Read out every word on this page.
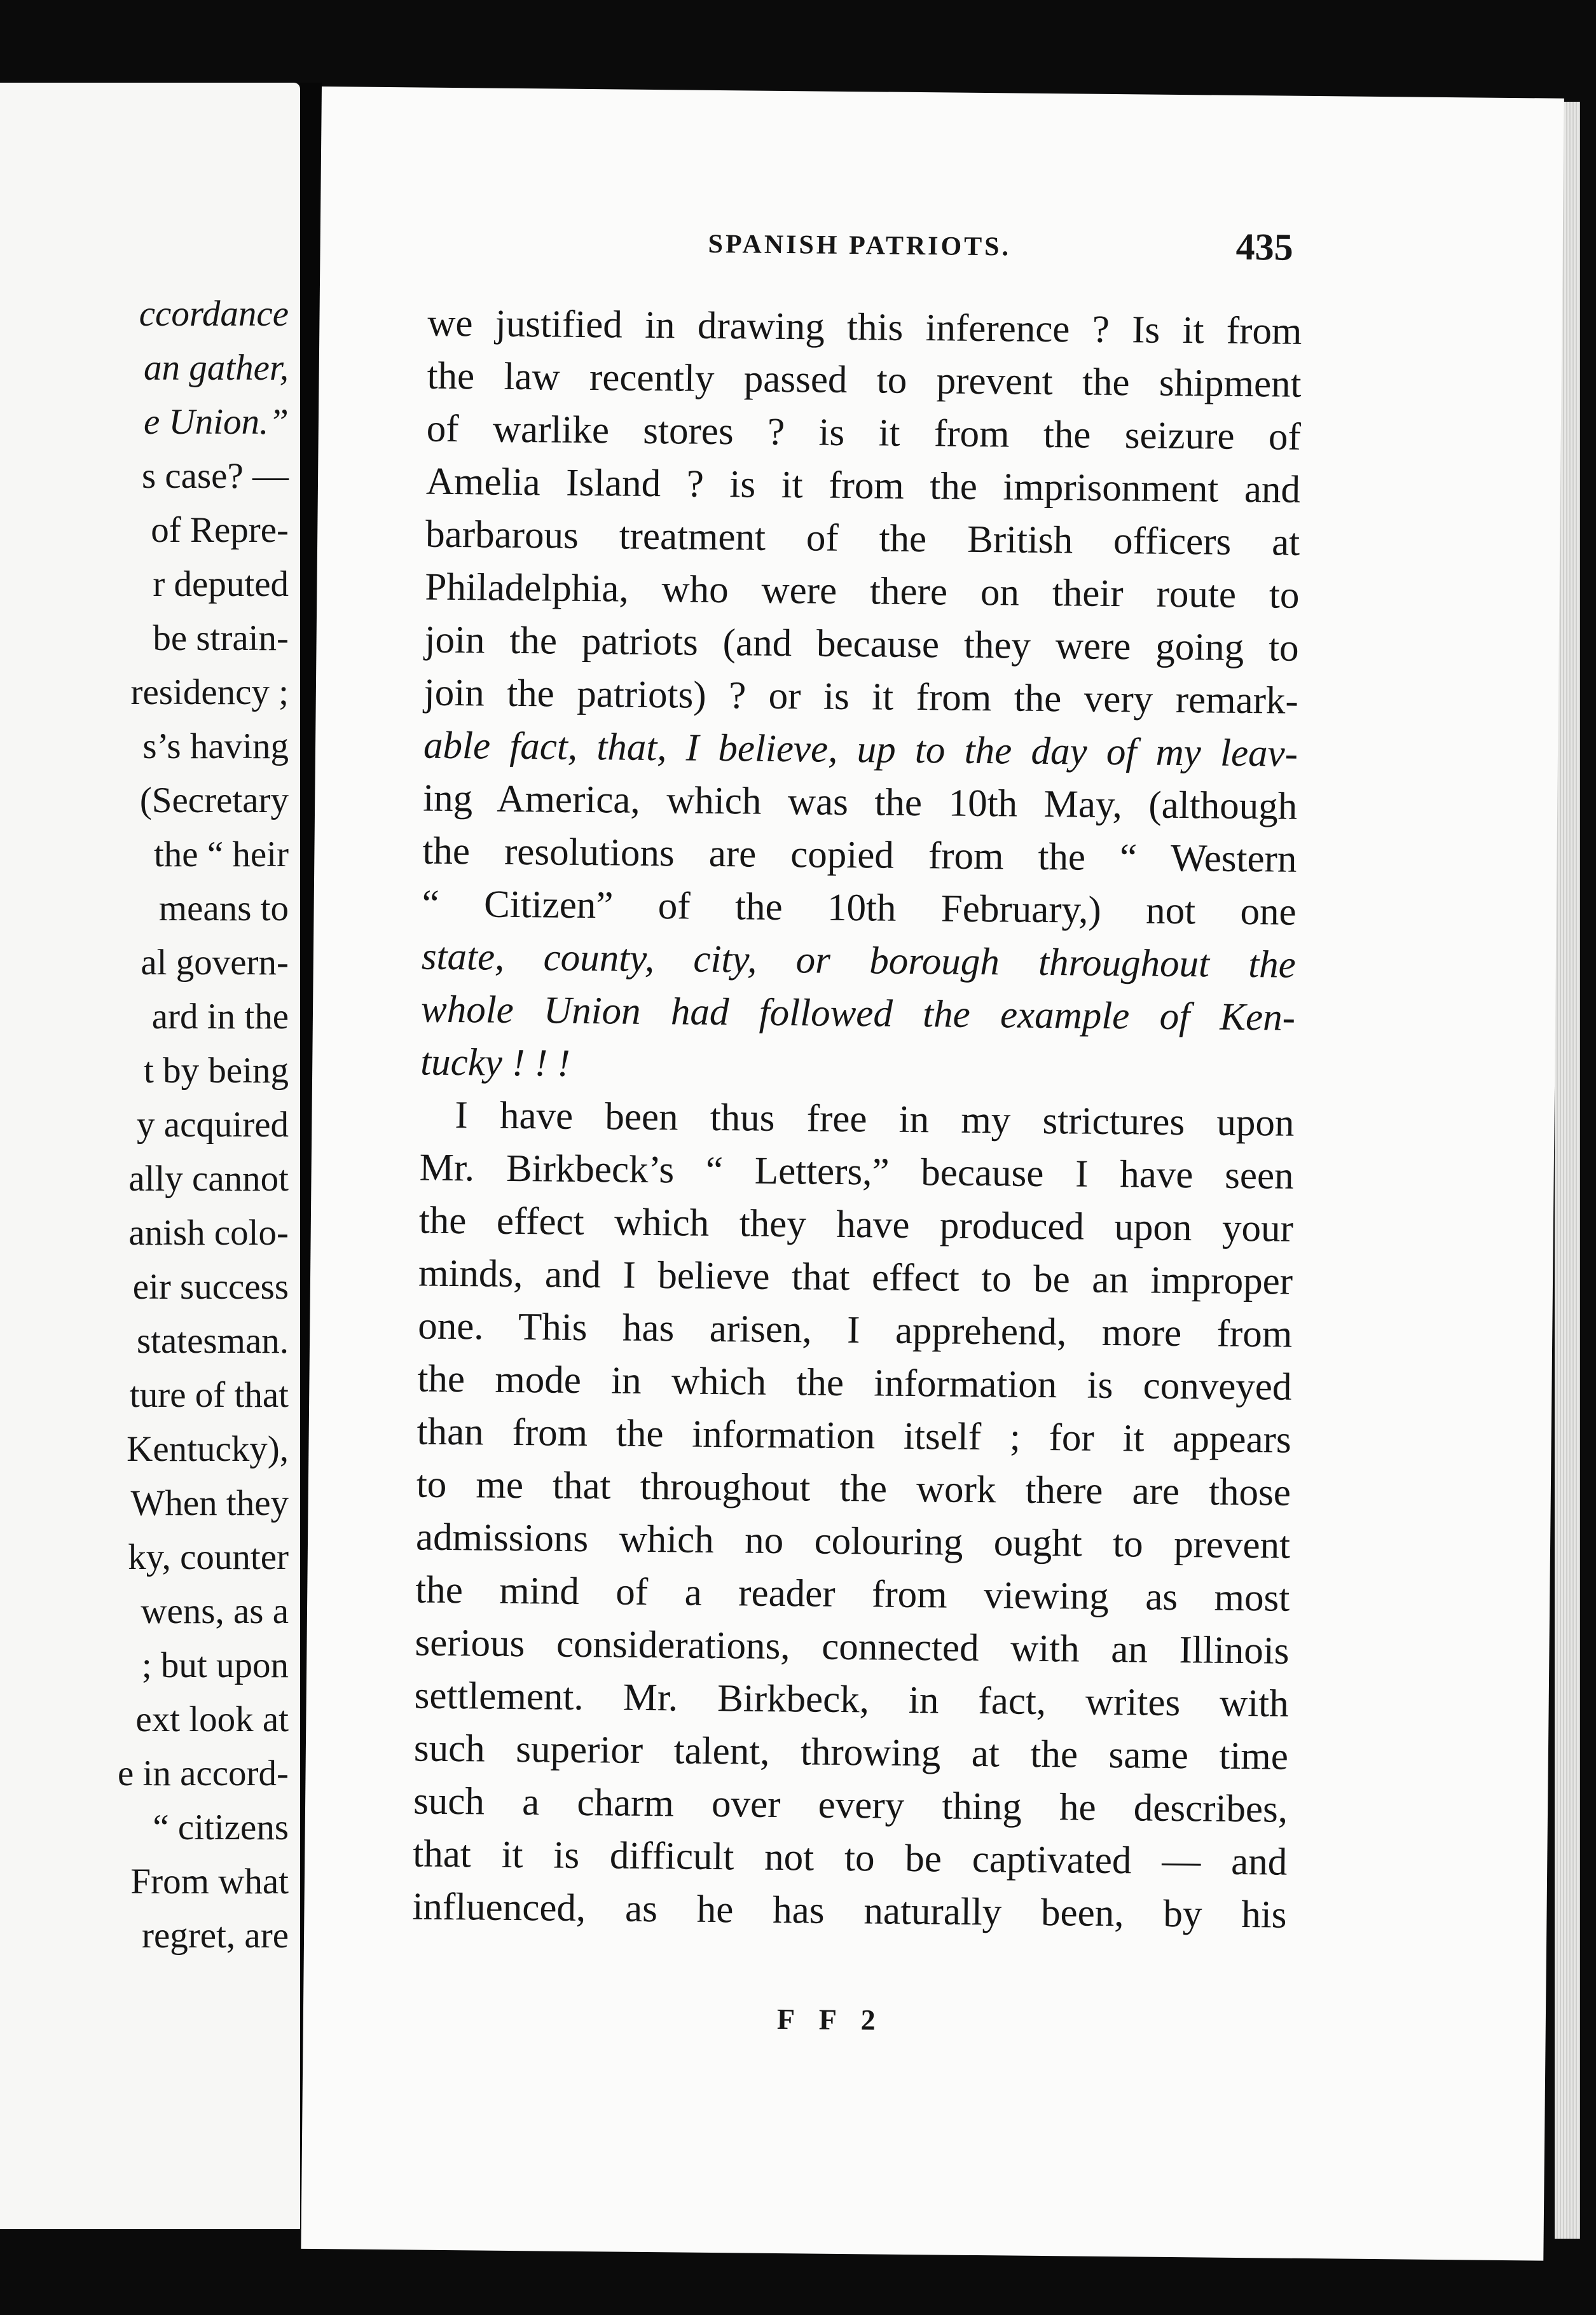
ccordance
an gather,
e Union.”
s case? —
of Repre-
r deputed
be strain-
residency ;
s’s having
(Secretary
the “ heir
means to
al govern-
ard in the
t by being
y acquired
ally cannot
anish colo-
eir success
statesman.
ture of that
Kentucky),
When they
ky, counter
wens, as a
; but upon
ext look at
e in accord-
“ citizens
From what
regret, are
SPANISH PATRIOTS.	435
we justified in drawing this inference ? Is it from
the law recently passed to prevent the shipment
of warlike stores ? is it from the seizure of
Amelia Island ? is it from the imprisonment and
barbarous treatment of the British officers at
Philadelphia, who were there on their route to
join the patriots (and because they were going to
join the patriots) ? or is it from the very remark-
able fact, that, I believe, up to the day of my leav-
ing America, which was the 10th May, (although
the resolutions are copied from the “ Western
“ Citizen” of the 10th February,) not one
state, county, city, or borough throughout the
whole Union had followed the example of Ken-
tucky ! ! !
I have been thus free in my strictures upon
Mr. Birkbeck’s “ Letters,” because I have seen
the effect which they have produced upon your
minds, and I believe that effect to be an improper
one. This has arisen, I apprehend, more from
the mode in which the information is conveyed
than from the information itself ; for it appears
to me that throughout the work there are those
admissions which no colouring ought to prevent
the mind of a reader from viewing as most
serious considerations, connected with an Illinois
settlement. Mr. Birkbeck, in fact, writes with
such superior talent, throwing at the same time
such a charm over every thing he describes,
that it is difficult not to be captivated — and
influenced, as he has naturally been, by his
F F 2
